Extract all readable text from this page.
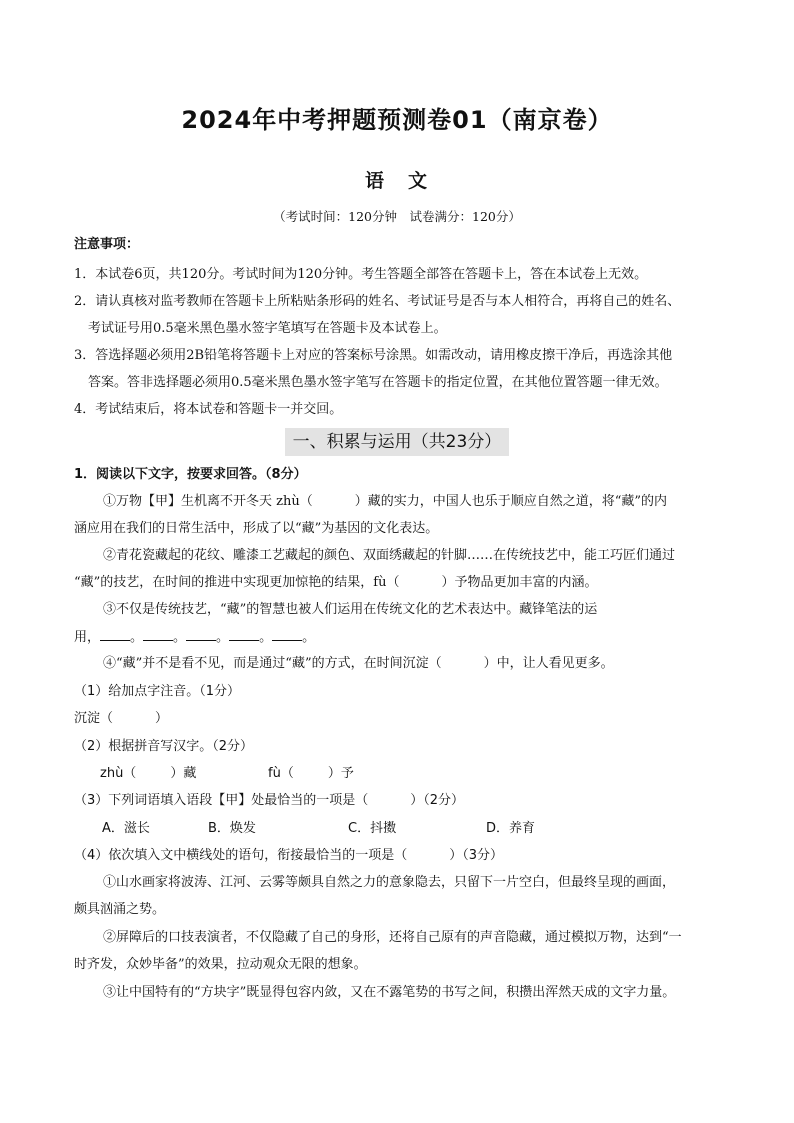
2024年中考押题预测卷01（南京卷）
语 文
（考试时间：120分钟　试卷满分：120分）
注意事项：
1．本试卷6页，共120分。考试时间为120分钟。考生答题全部答在答题卡上，答在本试卷上无效。
2．请认真核对监考教师在答题卡上所粘贴条形码的姓名、考试证号是否与本人相符合，再将自己的姓名、
考试证号用0.5毫米黑色墨水签字笔填写在答题卡及本试卷上。
3．答选择题必须用2B铅笔将答题卡上对应的答案标号涂黑。如需改动，请用橡皮擦干净后，再选涂其他
答案。答非选择题必须用0.5毫米黑色墨水签字笔写在答题卡的指定位置，在其他位置答题一律无效。
4．考试结束后，将本试卷和答题卡一并交回。
一、积累与运用（共23分）
1．阅读以下文字，按要求回答。（8分）
①万物【甲】生机离不开冬天 zhù（	）藏的实力，中国人也乐于顺应自然之道，将“藏”的内
涵应用在我们的日常生活中，形成了以“藏”为基因的文化表达。
②青花瓷藏起的花纹、雕漆工艺藏起的颜色、双面绣藏起的针脚……在传统技艺中，能工巧匠们通过
“藏”的技艺，在时间的推进中实现更加惊艳的结果，fù（	）予物品更加丰富的内涵。
③不仅是传统技艺，“藏”的智慧也被人们运用在传统文化的艺术表达中。藏锋笔法的运
用， 。 。 。 。 。
④“藏”并不是看不见，而是通过“藏”的方式，在时间沉淀（	）中，让人看见更多。
（1）给加点字注音。（1分）
沉淀（	）
（2）根据拼音写汉字。（2分）
zhù（	）藏	fù（	）予
（3）下列词语填入语段【甲】处最恰当的一项是（	）（2分）
A．滋长	B．焕发	C．抖擞	D．养育
（4）依次填入文中横线处的语句，衔接最恰当的一项是（	）（3分）
①山水画家将波涛、江河、云雾等颇具自然之力的意象隐去，只留下一片空白，但最终呈现的画面，
颇具汹涌之势。
②屏障后的口技表演者，不仅隐藏了自己的身形，还将自己原有的声音隐藏，通过模拟万物，达到“一
时齐发，众妙毕备”的效果，拉动观众无限的想象。
③让中国特有的“方块字”既显得包容内敛，又在不露笔势的书写之间，积攒出浑然天成的文字力量。
